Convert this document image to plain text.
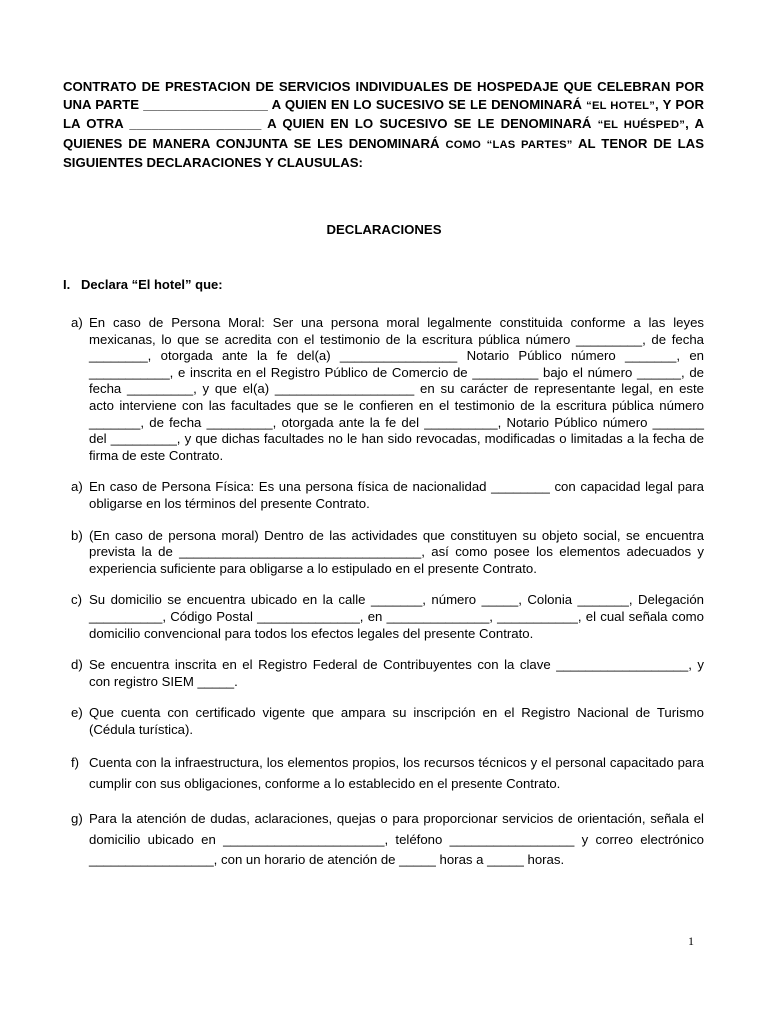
CONTRATO DE PRESTACION DE SERVICIOS INDIVIDUALES DE HOSPEDAJE QUE CELEBRAN POR UNA PARTE _________________ A QUIEN EN LO SUCESIVO SE LE DENOMINARÁ “EL HOTEL”, Y POR LA OTRA __________________ A QUIEN EN LO SUCESIVO SE LE DENOMINARÁ “EL HUÉSPED”, A QUIENES DE MANERA CONJUNTA SE LES DENOMINARÁ COMO “LAS PARTES” AL TENOR DE LAS SIGUIENTES DECLARACIONES Y CLAUSULAS:
DECLARACIONES
I. Declara “El hotel” que:
a) En caso de Persona Moral: Ser una persona moral legalmente constituida conforme a las leyes mexicanas, lo que se acredita con el testimonio de la escritura pública número _________, de fecha ________, otorgada ante la fe del(a) ________________ Notario Público número _______, en ___________, e inscrita en el Registro Público de Comercio de _________ bajo el número ______, de fecha _________, y que el(a) ___________________ en su carácter de representante legal, en este acto interviene con las facultades que se le confieren en el testimonio de la escritura pública número _______, de fecha _________, otorgada ante la fe del __________, Notario Público número _______ del _________, y que dichas facultades no le han sido revocadas, modificadas o limitadas a la fecha de firma de este Contrato.
a) En caso de Persona Física: Es una persona física de nacionalidad ________ con capacidad legal para obligarse en los términos del presente Contrato.
b) (En caso de persona moral) Dentro de las actividades que constituyen su objeto social, se encuentra prevista la de _________________________________, así como posee los elementos adecuados y experiencia suficiente para obligarse a lo estipulado en el presente Contrato.
c) Su domicilio se encuentra ubicado en la calle _______, número _____, Colonia _______, Delegación __________, Código Postal ______________, en ______________, ___________, el cual señala como domicilio convencional para todos los efectos legales del presente Contrato.
d) Se encuentra inscrita en el Registro Federal de Contribuyentes con la clave __________________, y con registro SIEM _____.
e) Que cuenta con certificado vigente que ampara su inscripción en el Registro Nacional de Turismo (Cédula turística).
f) Cuenta con la infraestructura, los elementos propios, los recursos técnicos y el personal capacitado para cumplir con sus obligaciones, conforme a lo establecido en el presente Contrato.
g) Para la atención de dudas, aclaraciones, quejas o para proporcionar servicios de orientación, señala el domicilio ubicado en ______________________, teléfono _________________ y correo electrónico _________________, con un horario de atención de _____ horas a _____ horas.
1
